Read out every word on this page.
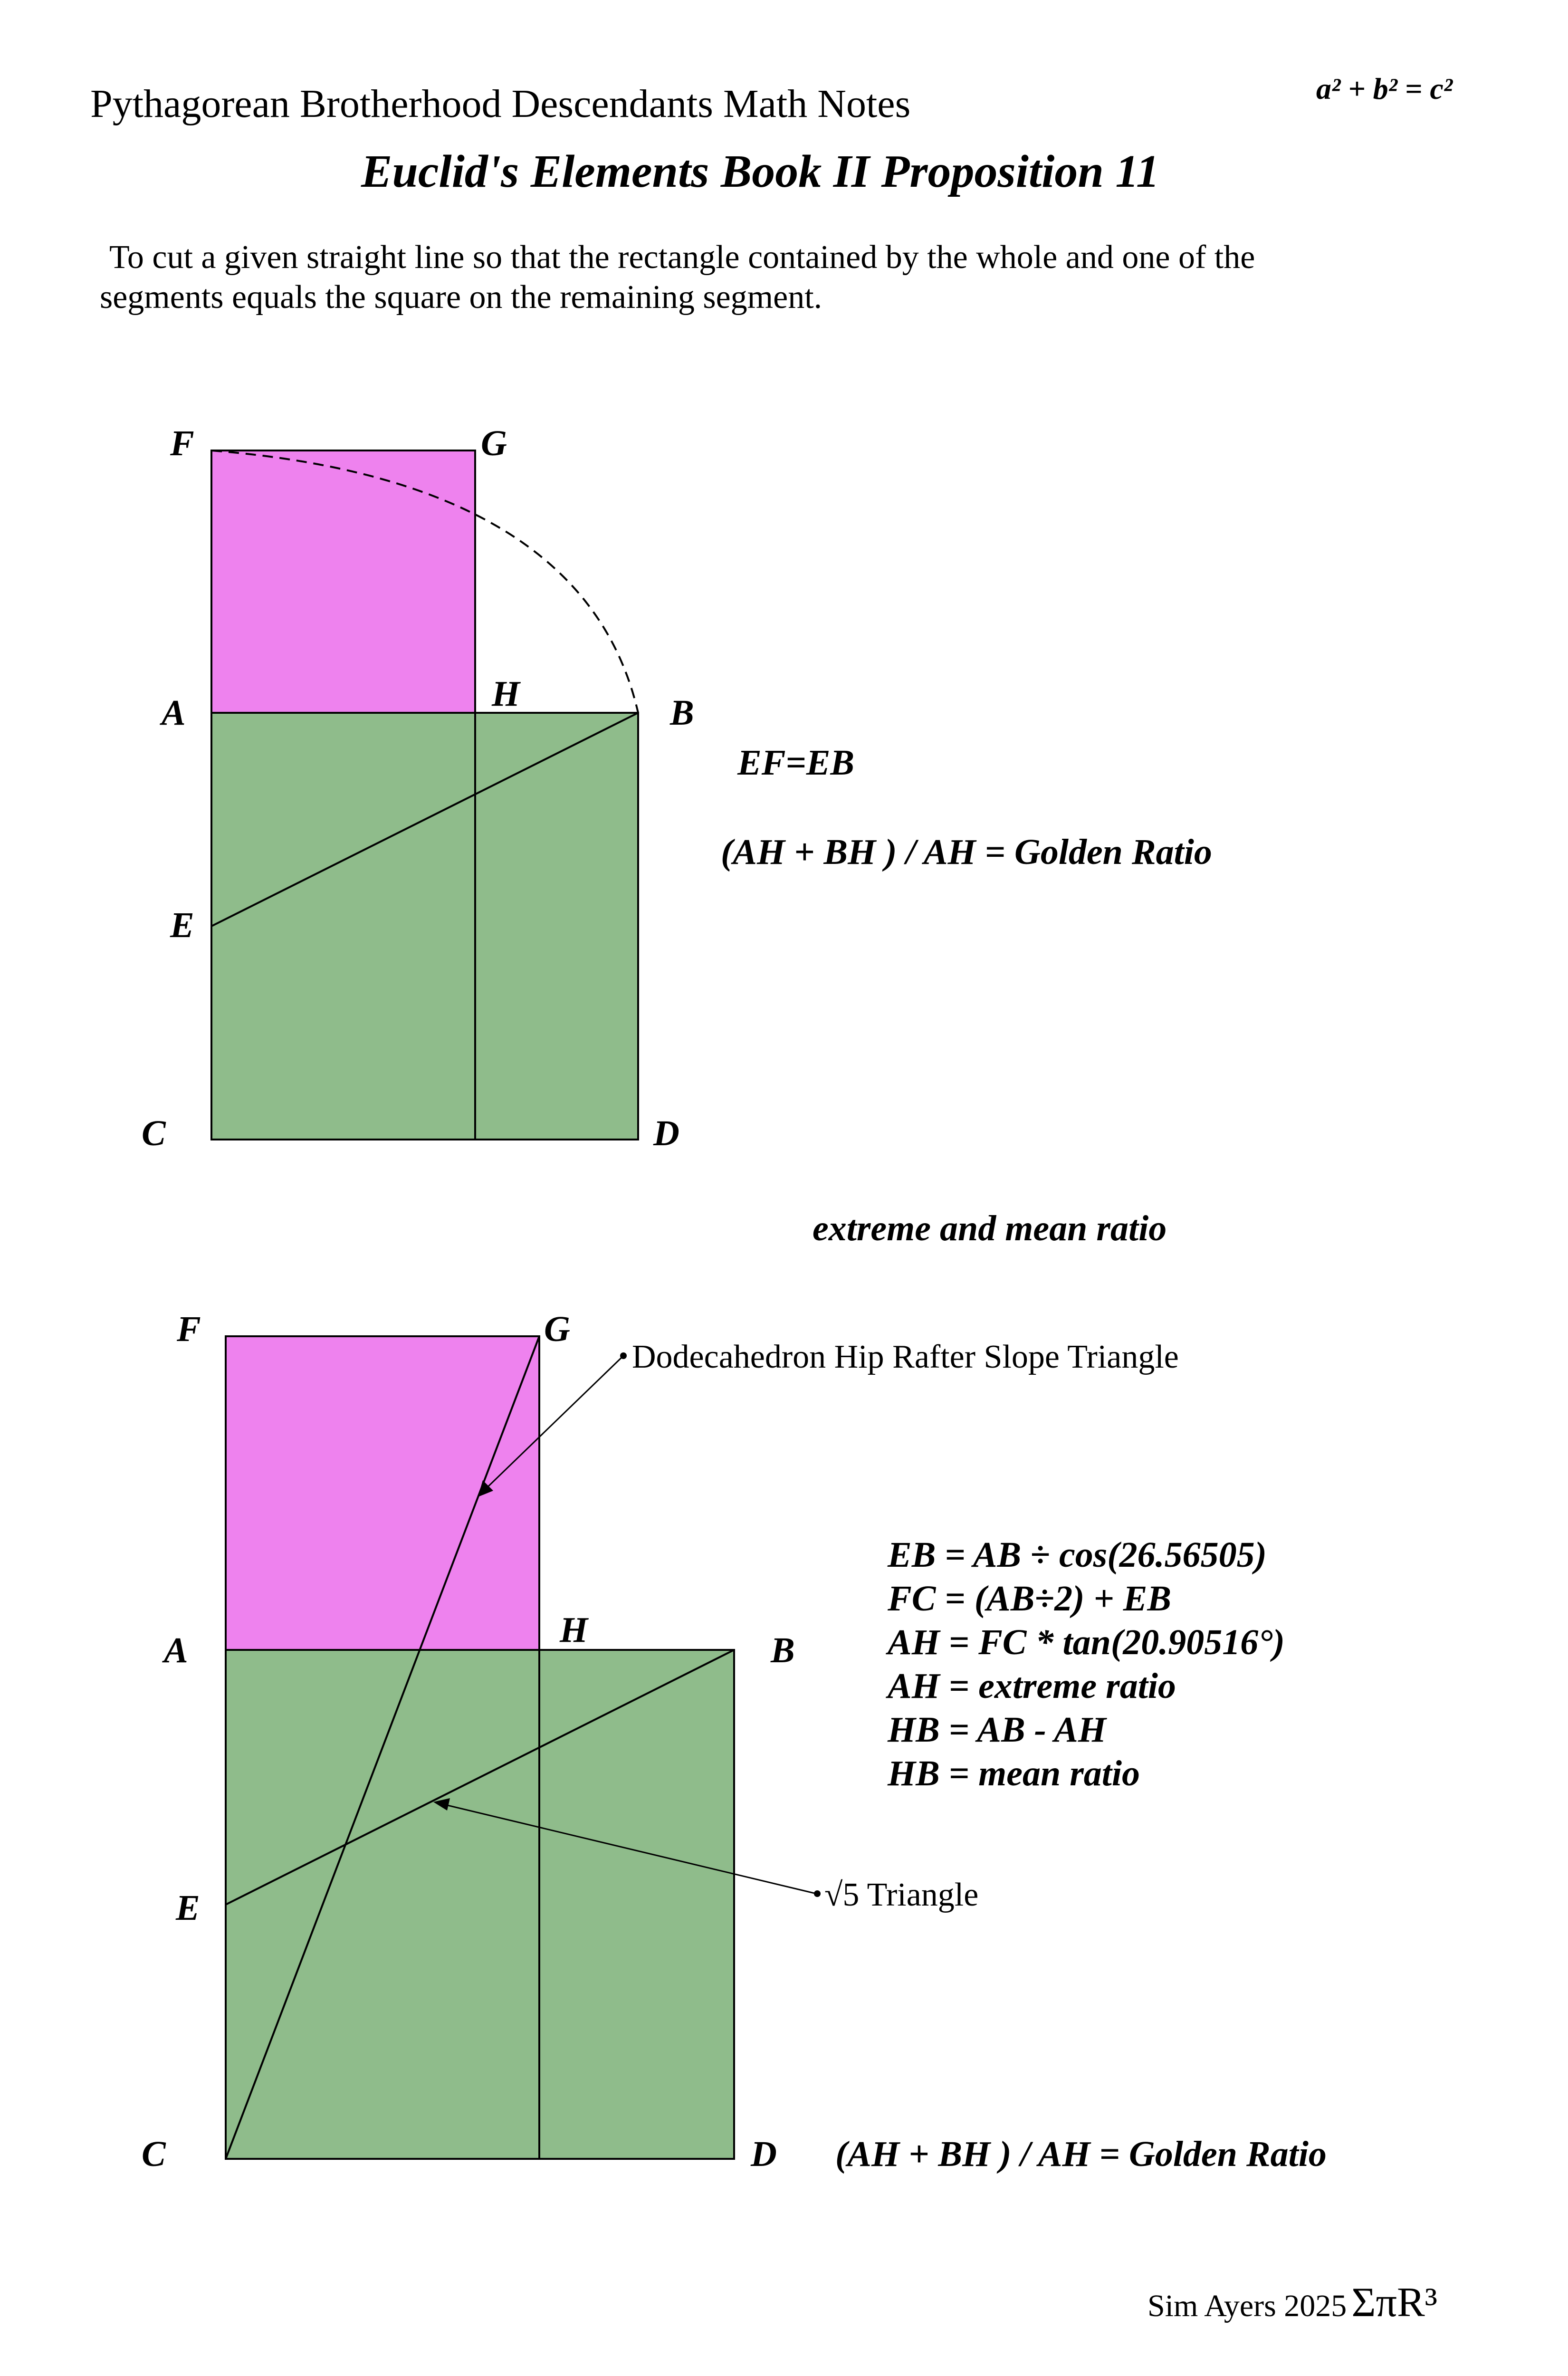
Pythagorean Brotherhood Descendants Math Notes	a² + b² = c²
Euclid's Elements Book II Proposition 11
To cut a given straight line so that the rectangle contained by the whole and one of the
segments equals the square on the remaining segment.
F	G
A	H	B
E
C	D
EF=EB
(AH + BH ) / AH = Golden Ratio
extreme and mean ratio
Dodecahedron Hip Rafter Slope Triangle
√5 Triangle
F	G
A
H
B
E
C	D
EB = AB ÷ cos(26.56505)
FC = (AB÷2) + EB
AH = FC * tan(20.90516°)
AH = extreme ratio
HB = AB - AH
HB = mean ratio
(AH + BH ) / AH = Golden Ratio
Sim Ayers 2025 ΣπR³
